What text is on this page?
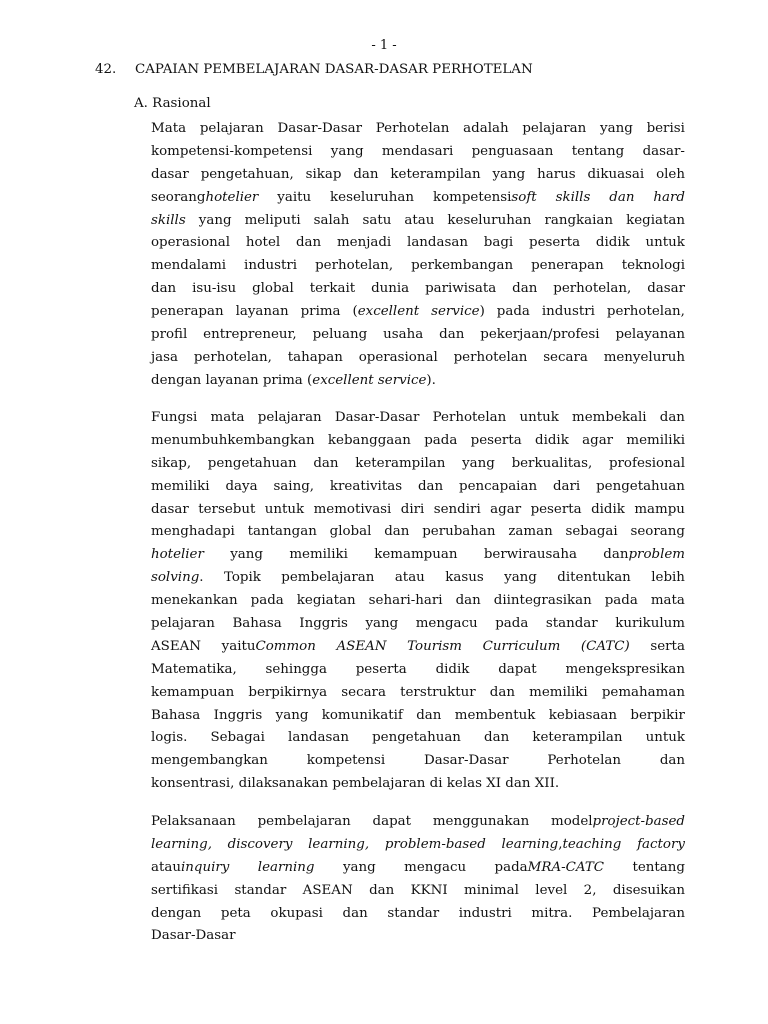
- 1 -
42.	CAPAIAN PEMBELAJARAN DASAR-DASAR PERHOTELAN
A. Rasional
Mata pelajaran Dasar-Dasar Perhotelan adalah pelajaran yang berisi
kompetensi-kompetensi yang mendasari penguasaan tentang dasar-
dasar pengetahuan, sikap dan keterampilan yang harus dikuasai oleh
seoranghotelier yaitu keseluruhan kompetensisoft skills dan hard
skills yang meliputi salah satu atau keseluruhan rangkaian kegiatan
operasional hotel dan menjadi landasan bagi peserta didik untuk
mendalami industri perhotelan, perkembangan penerapan teknologi
dan isu-isu global terkait dunia pariwisata dan perhotelan, dasar
penerapan layanan prima (excellent service) pada industri perhotelan,
profil entrepreneur, peluang usaha dan pekerjaan/profesi pelayanan
jasa perhotelan, tahapan operasional perhotelan secara menyeluruh
dengan layanan prima (excellent service).
Fungsi mata pelajaran Dasar-Dasar Perhotelan untuk membekali dan
menumbuhkembangkan kebanggaan pada peserta didik agar memiliki
sikap, pengetahuan dan keterampilan yang berkualitas, profesional
memiliki daya saing, kreativitas dan pencapaian dari pengetahuan
dasar tersebut untuk memotivasi diri sendiri agar peserta didik mampu
menghadapi tantangan global dan perubahan zaman sebagai seorang
hotelier yang memiliki kemampuan berwirausaha danproblem
solving. Topik pembelajaran atau kasus yang ditentukan lebih
menekankan pada kegiatan sehari-hari dan diintegrasikan pada mata
pelajaran Bahasa Inggris yang mengacu pada standar kurikulum
ASEAN yaituCommon ASEAN Tourism Curriculum (CATC) serta
Matematika, sehingga peserta didik dapat mengekspresikan
kemampuan berpikirnya secara terstruktur dan memiliki pemahaman
Bahasa Inggris yang komunikatif dan membentuk kebiasaan berpikir
logis. Sebagai landasan pengetahuan dan keterampilan untuk
mengembangkan	kompetensi	Dasar-Dasar	Perhotelan	dan
konsentrasi, dilaksanakan pembelajaran di kelas XI dan XII.
Pelaksanaan pembelajaran dapat menggunakan modelproject-based
learning, discovery learning, problem-based learning,teaching factory
atauinquiry learning yang mengacu padaMRA-CATC tentang
sertifikasi standar ASEAN dan KKNI minimal level 2, disesuikan
dengan peta okupasi dan standar industri mitra. Pembelajaran
Dasar-Dasar
